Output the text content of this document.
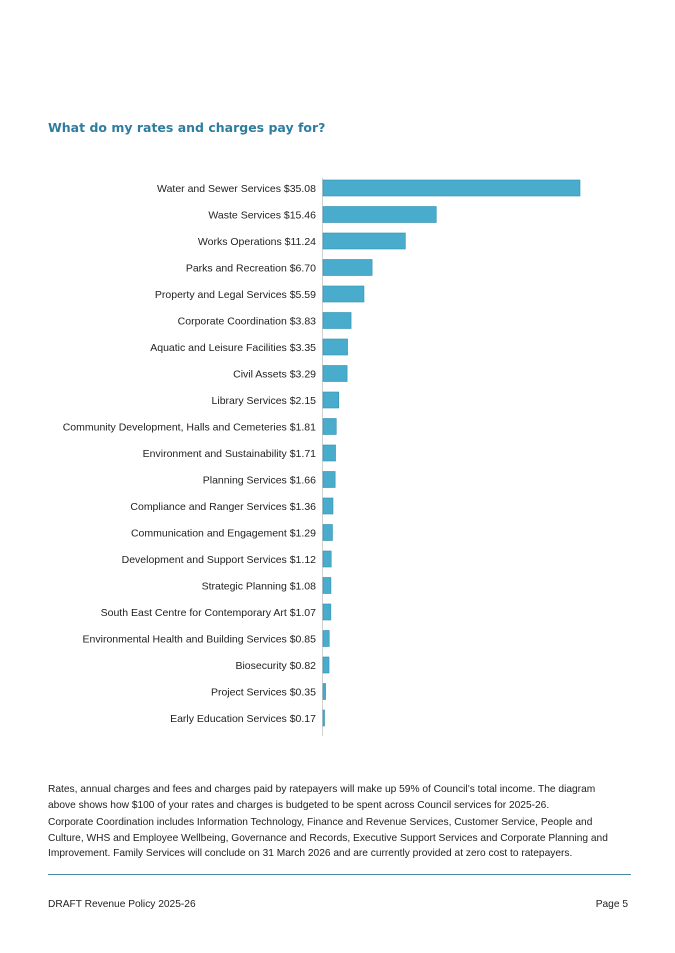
What do my rates and charges pay for?
Water and Sewer Services $35.08
Waste Services $15.46
Works Operations $11.24
Parks and Recreation $6.70
Property and Legal Services $5.59
Corporate Coordination $3.83
Aquatic and Leisure Facilities $3.35
Civil Assets $3.29
Library Services $2.15
Community Development, Halls and Cemeteries $1.81
Environment and Sustainability $1.71
Planning Services $1.66
Compliance and Ranger Services $1.36
Communication and Engagement $1.29
Development and Support Services $1.12
Strategic Planning $1.08
South East Centre for Contemporary Art $1.07
Environmental Health and Building Services $0.85
Biosecurity $0.82
Project Services $0.35
Early Education Services $0.17

Rates, annual charges and fees and charges paid by ratepayers will make up 59% of Council’s total income. The diagram above shows how $100 of your rates and charges is budgeted to be spent across Council services for 2025-26.

Corporate Coordination includes Information Technology, Finance and Revenue Services, Customer Service, People and Culture, WHS and Employee Wellbeing, Governance and Records, Executive Support Services and Corporate Planning and Improvement. Family Services will conclude on 31 March 2026 and are currently provided at zero cost to ratepayers.

DRAFT Revenue Policy 2025-26	Page 5
